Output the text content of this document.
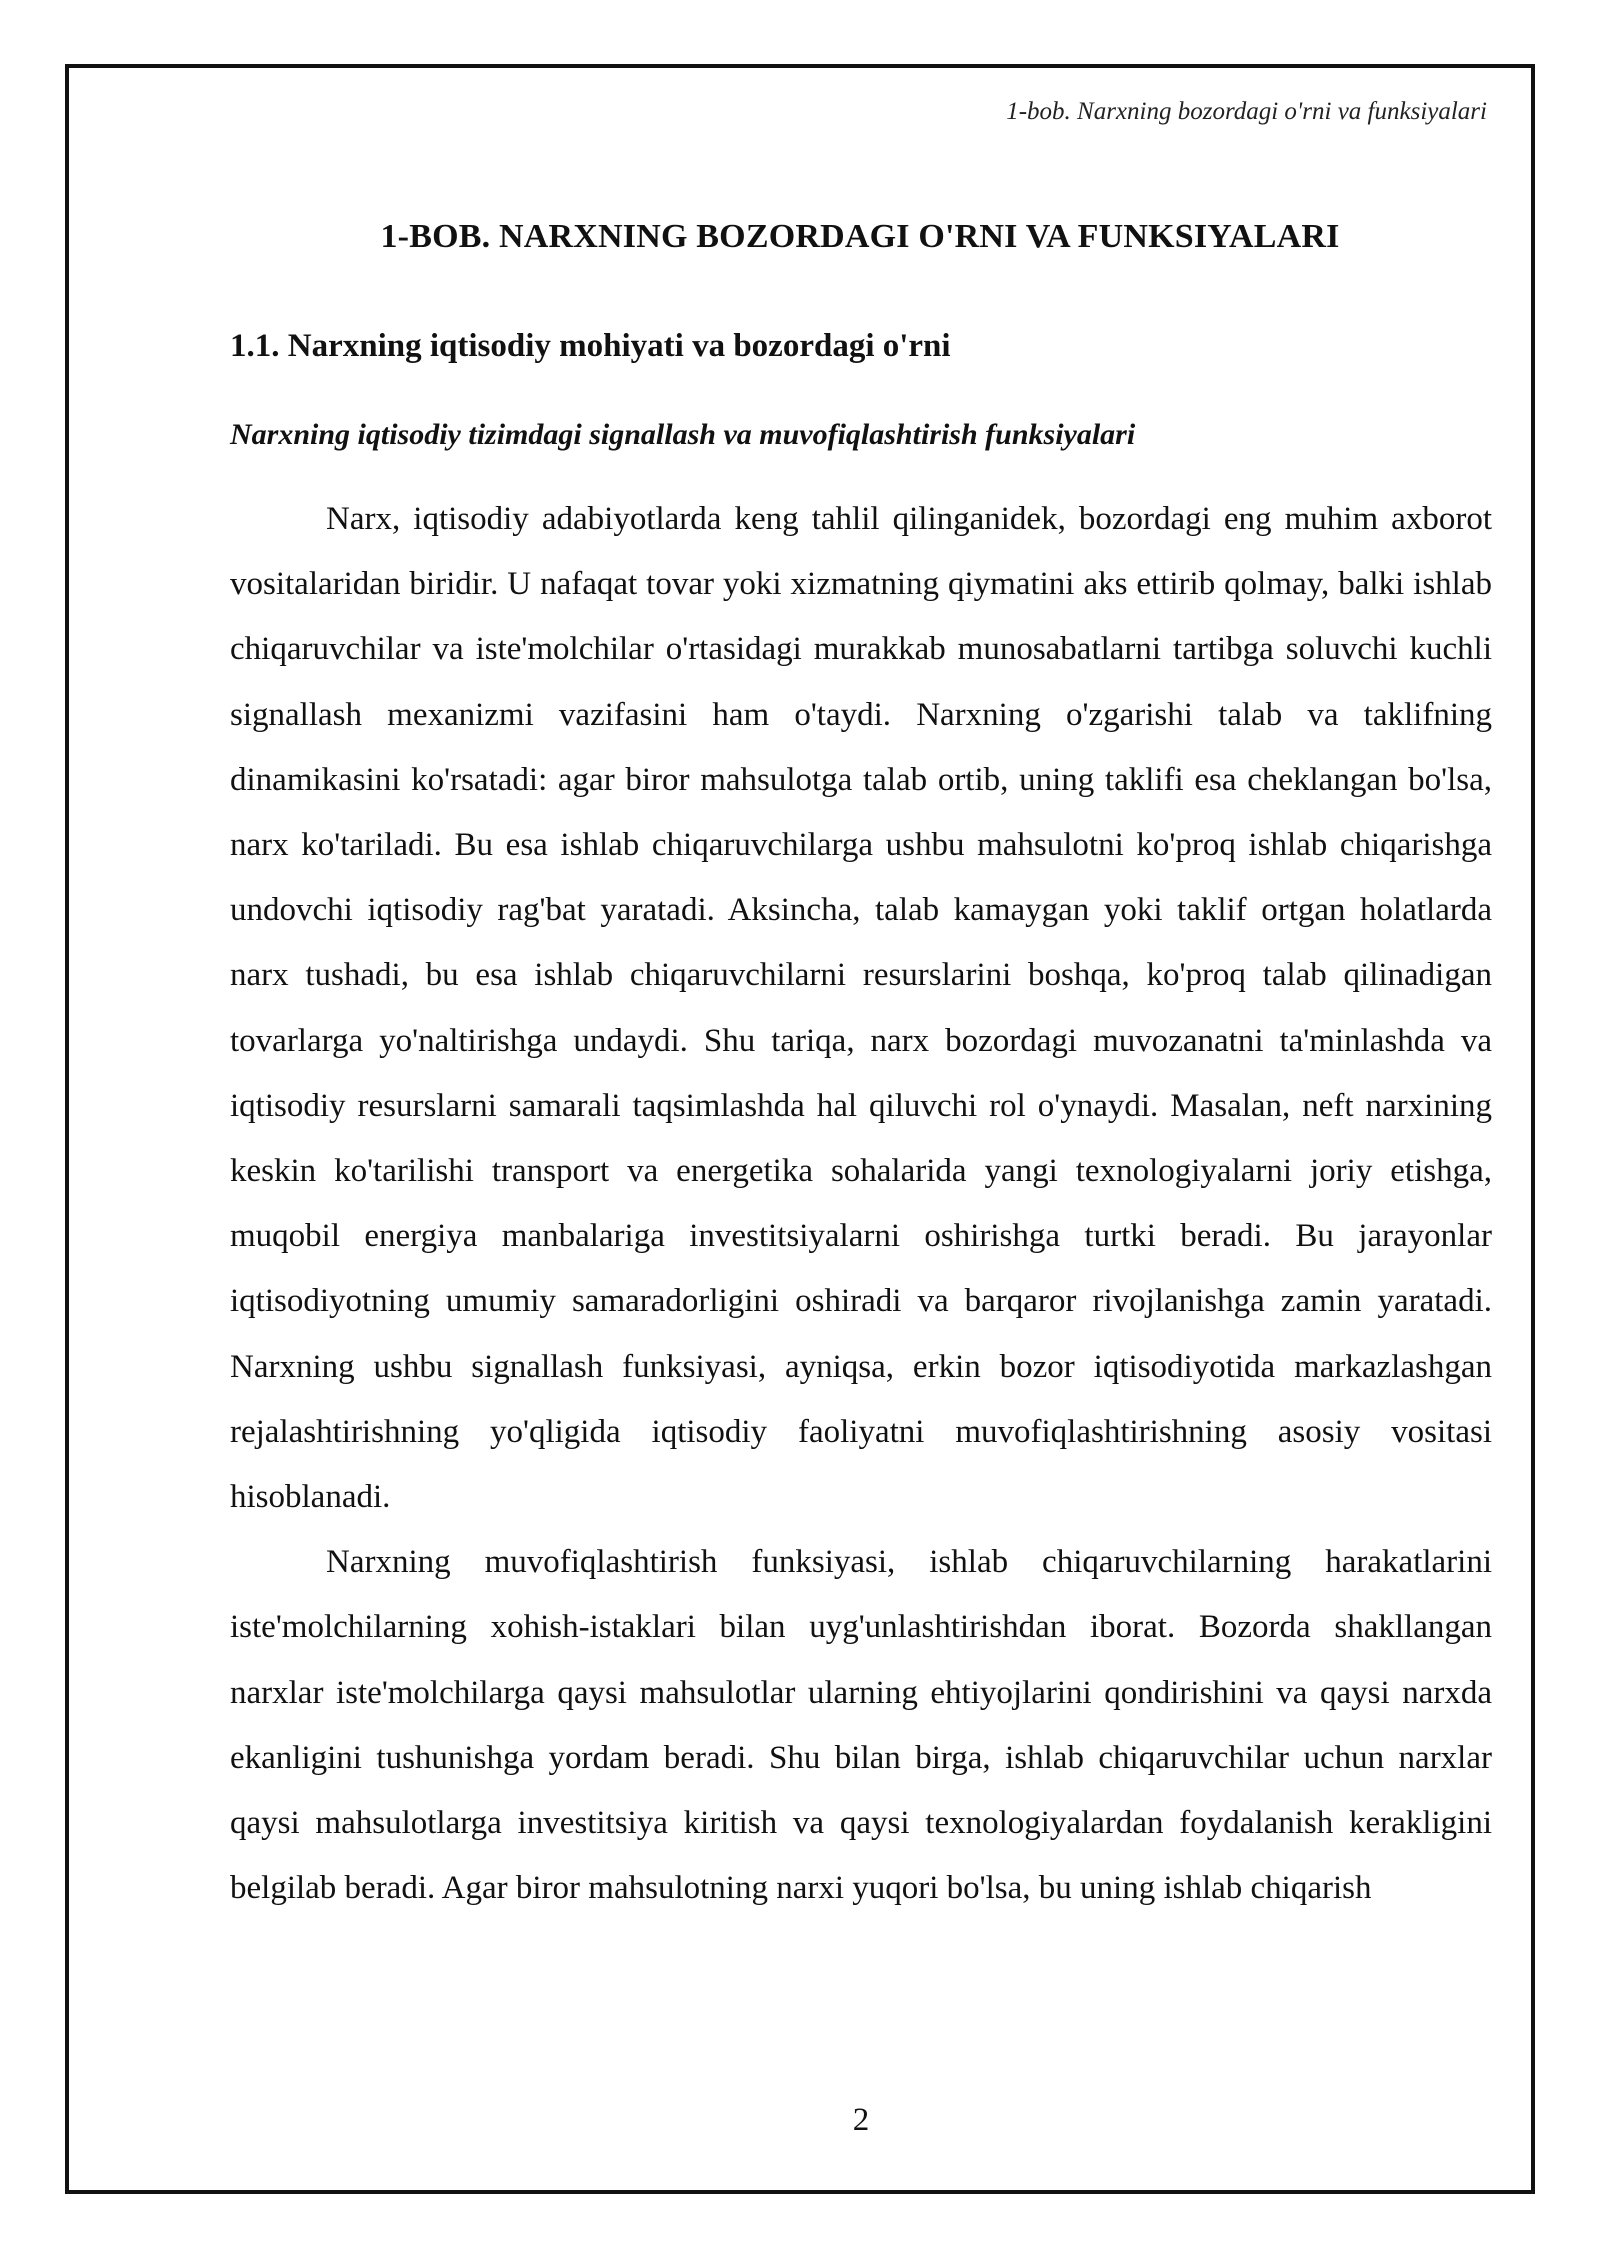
1-bob. Narxning bozordagi o'rni va funksiyalari
1-BOB. NARXNING BOZORDAGI O'RNI VA FUNKSIYALARI
1.1. Narxning iqtisodiy mohiyati va bozordagi o'rni
Narxning iqtisodiy tizimdagi signallash va muvofiqlashtirish funksiyalari

Narx, iqtisodiy adabiyotlarda keng tahlil qilinganidek, bozordagi eng muhim axborot vositalaridan biridir. U nafaqat tovar yoki xizmatning qiymatini aks ettirib qolmay, balki ishlab chiqaruvchilar va iste'molchilar o'rtasidagi murakkab munosabatlarni tartibga soluvchi kuchli signallash mexanizmi vazifasini ham o'taydi. Narxning o'zgarishi talab va taklifning dinamikasini ko'rsatadi: agar biror mahsulotga talab ortib, uning taklifi esa cheklangan bo'lsa, narx ko'tariladi. Bu esa ishlab chiqaruvchilarga ushbu mahsulotni ko'proq ishlab chiqarishga undovchi iqtisodiy rag'bat yaratadi. Aksincha, talab kamaygan yoki taklif ortgan holatlarda narx tushadi, bu esa ishlab chiqaruvchilarni resurslarini boshqa, ko'proq talab qilinadigan tovarlarga yo'naltirishga undaydi. Shu tariqa, narx bozordagi muvozanatni ta'minlashda va iqtisodiy resurslarni samarali taqsimlashda hal qiluvchi rol o'ynaydi. Masalan, neft narxining keskin ko'tarilishi transport va energetika sohalarida yangi texnologiyalarni joriy etishga, muqobil energiya manbalariga investitsiyalarni oshirishga turtki beradi. Bu jarayonlar iqtisodiyotning umumiy samaradorligini oshiradi va barqaror rivojlanishga zamin yaratadi. Narxning ushbu signallash funksiyasi, ayniqsa, erkin bozor iqtisodiyotida markazlashgan rejalashtirishning yo'qligida iqtisodiy faoliyatni muvofiqlashtirishning asosiy vositasi hisoblanadi.

Narxning muvofiqlashtirish funksiyasi, ishlab chiqaruvchilarning harakatlarini iste'molchilarning xohish-istaklari bilan uyg'unlashtirishdan iborat. Bozorda shakllangan narxlar iste'molchilarga qaysi mahsulotlar ularning ehtiyojlarini qondirishini va qaysi narxda ekanligini tushunishga yordam beradi. Shu bilan birga, ishlab chiqaruvchilar uchun narxlar qaysi mahsulotlarga investitsiya kiritish va qaysi texnologiyalardan foydalanish kerakligini belgilab beradi. Agar biror mahsulotning narxi yuqori bo'lsa, bu uning ishlab chiqarish

2
